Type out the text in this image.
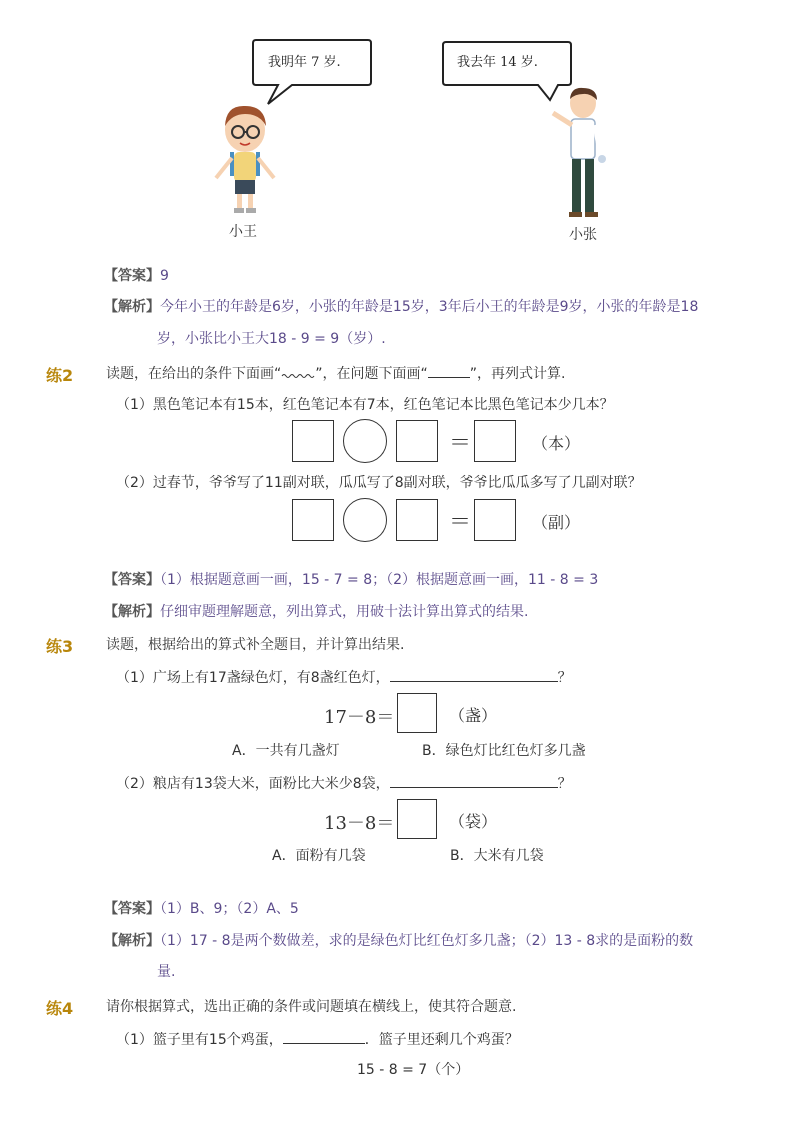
我明年 7 岁.	我去年 14 岁.
小王	小张
【答案】9
【解析】今年小王的年龄是6岁，小张的年龄是15岁，3年后小王的年龄是9岁，小张的年龄是18
岁，小张比小王大18 - 9 = 9（岁）.
练2 读题，在给出的条件下面画“ ”，在问题下面画“	”，再列式计算.
（1）黑色笔记本有15本，红色笔记本有7本，红色笔记本比黑色笔记本少几本？
＝	（本）
（2）过春节，爷爷写了11副对联，瓜瓜写了8副对联，爷爷比瓜瓜多写了几副对联？
＝	（副）
【答案】（1）根据题意画一画，15 - 7 = 8；（2）根据题意画一画，11 - 8 = 3
【解析】仔细审题理解题意，列出算式，用破十法计算出算式的结果.
练3 读题，根据给出的算式补全题目，并计算出结果.
（1）广场上有17盏绿色灯，有8盏红色灯，	？
17－8＝	（盏）
A．一共有几盏灯	B．绿色灯比红色灯多几盏
（2）粮店有13袋大米，面粉比大米少8袋，	？
13－8＝	（袋）
A．面粉有几袋	B．大米有几袋
【答案】（1）B、9；（2）A、5
【解析】（1）17 - 8是两个数做差，求的是绿色灯比红色灯多几盏；（2）13 - 8求的是面粉的数
量.
练4 请你根据算式，选出正确的条件或问题填在横线上，使其符合题意.
（1）篮子里有15个鸡蛋，	．篮子里还剩几个鸡蛋？
15 - 8 = 7（个）
